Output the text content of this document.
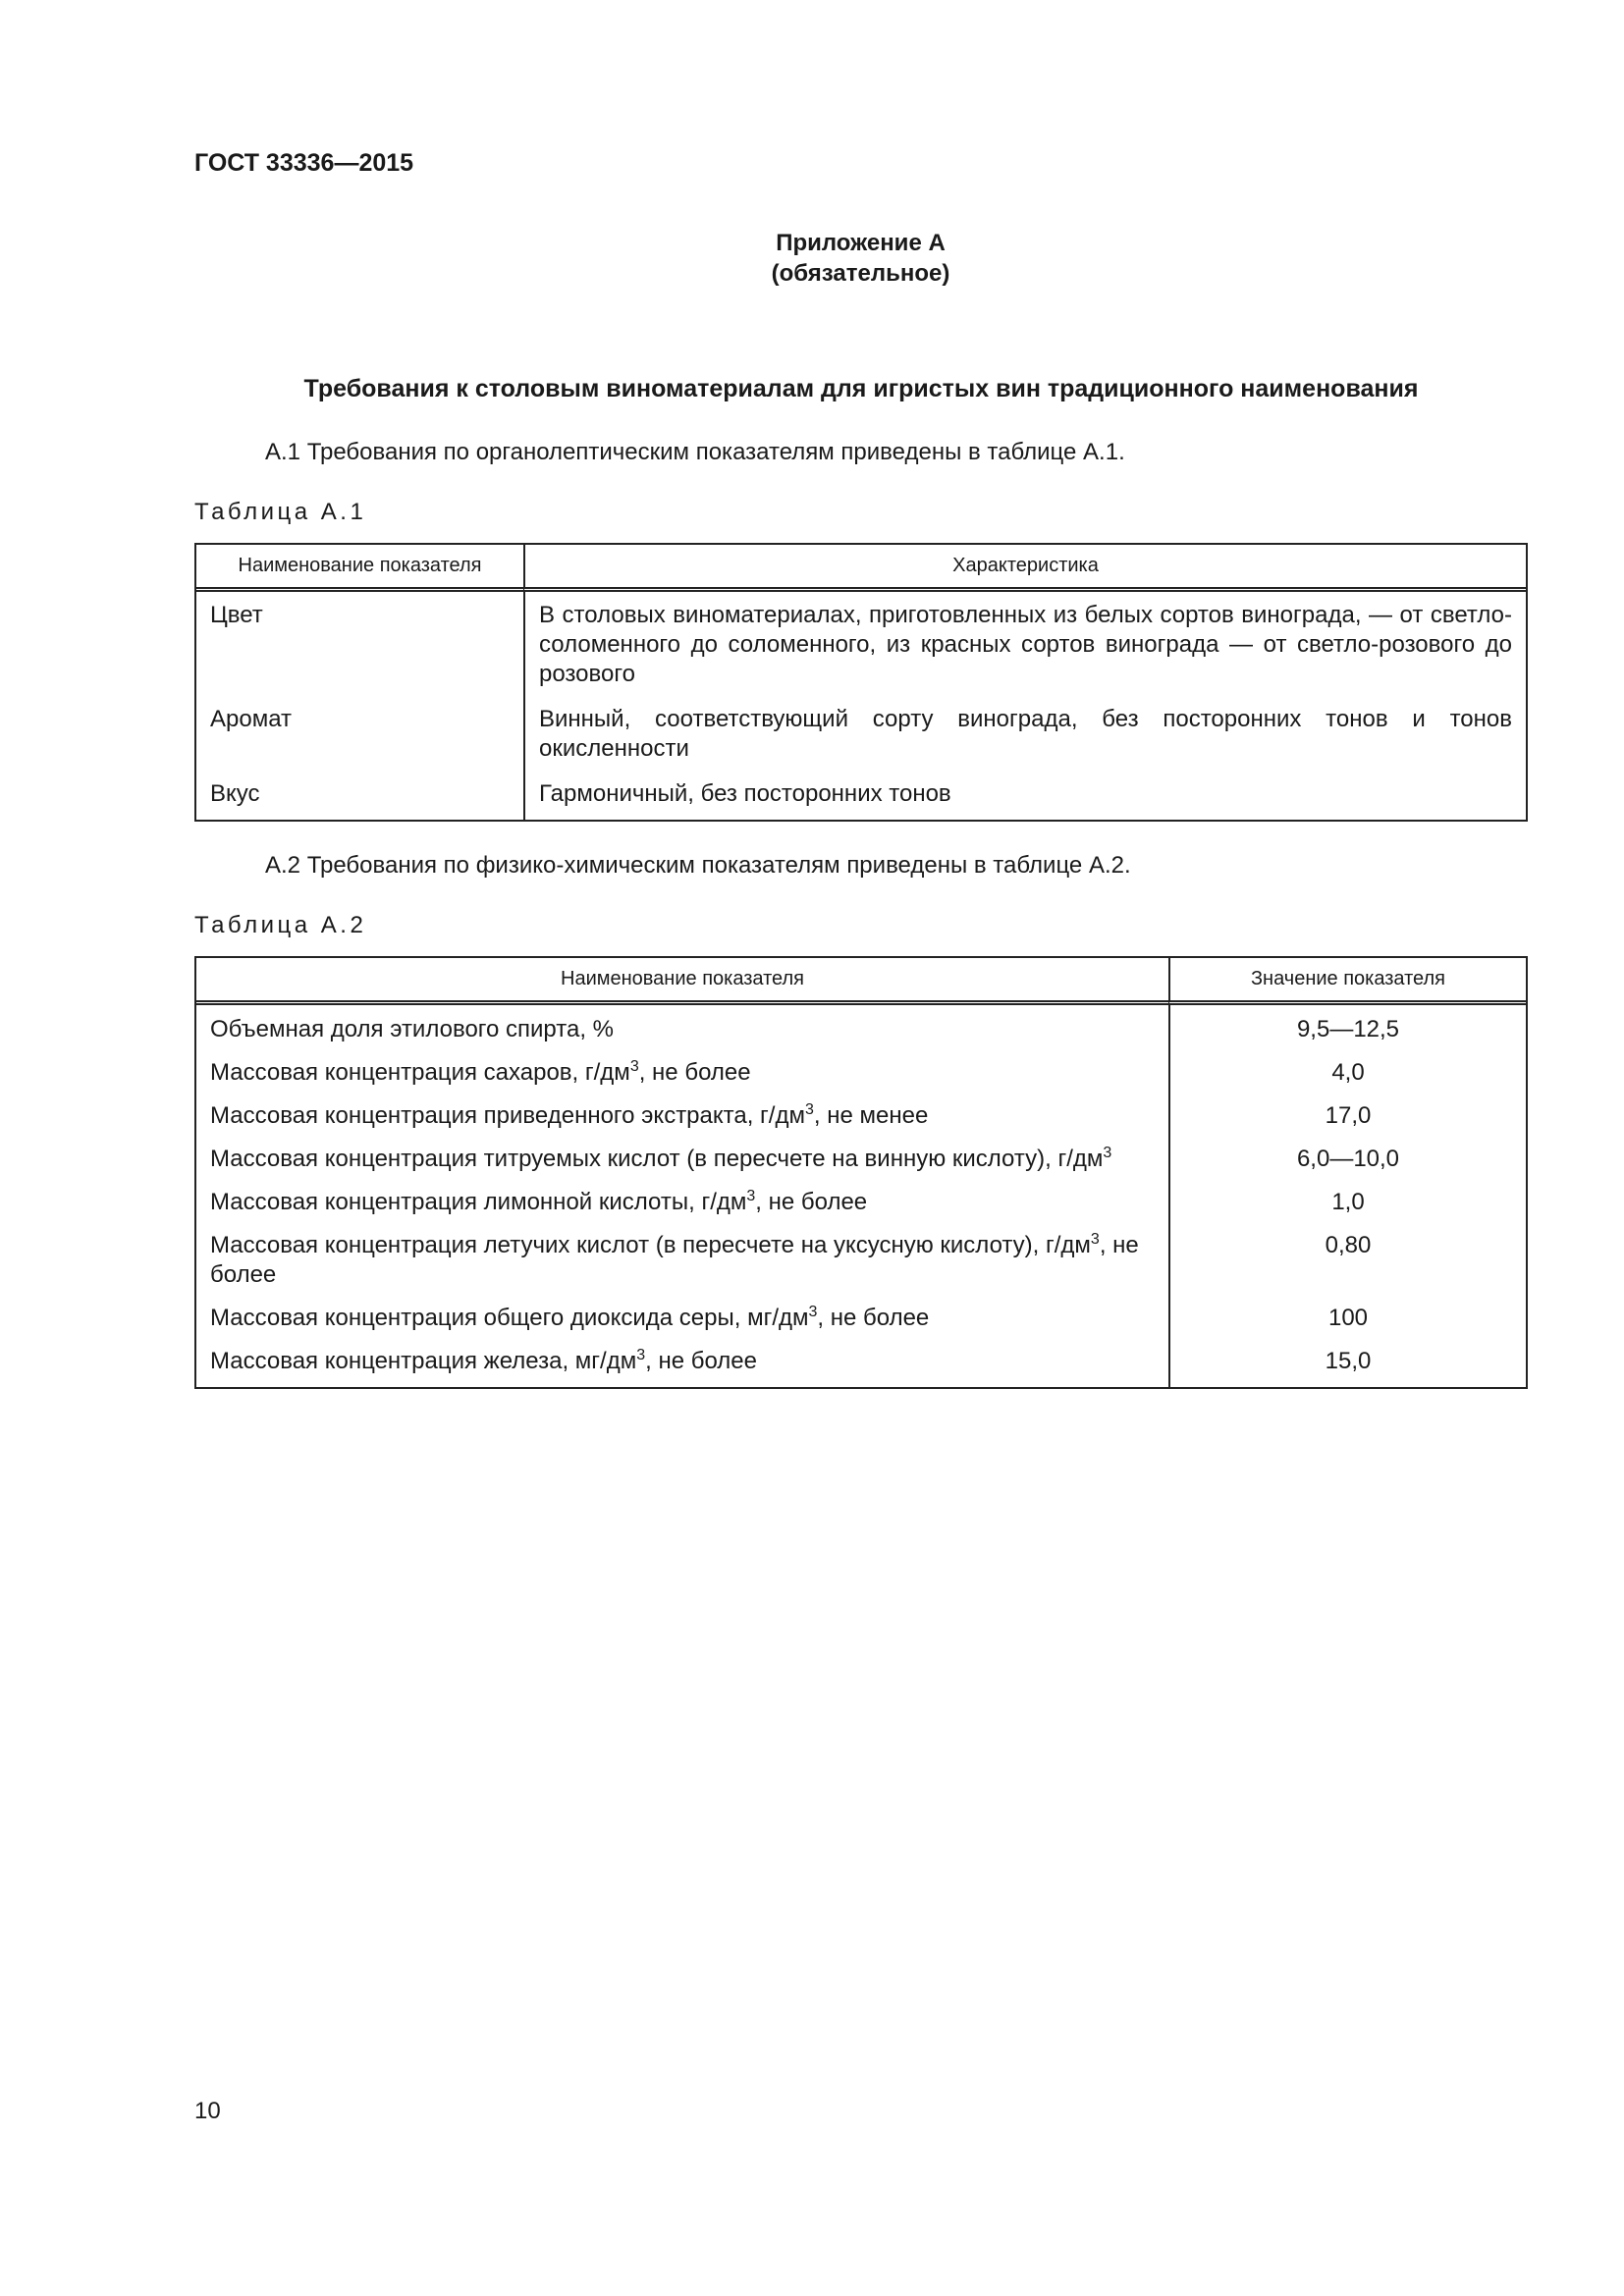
ГОСТ 33336—2015
Приложение А
(обязательное)
Требования к столовым виноматериалам для игристых вин традиционного наименования
А.1 Требования по органолептическим показателям приведены в таблице А.1.
Таблица А.1
Наименование показателя	Характеристика
Цвет	В столовых виноматериалах, приготовленных из белых сортов винограда, — от светло-соломенного до соломенного, из красных сортов винограда — от светло-розового до розового
Аромат	Винный, соответствующий сорту винограда, без посторонних тонов и тонов окисленности
Вкус	Гармоничный, без посторонних тонов
А.2 Требования по физико-химическим показателям приведены в таблице А.2.
Таблица А.2
Наименование показателя	Значение показателя
Объемная доля этилового спирта, %	9,5—12,5
Массовая концентрация сахаров, $г/дм^3$, не более	4,0
Массовая концентрация приведенного экстракта, $г/дм^3$, не менее	17,0
Массовая концентрация титруемых кислот (в пересчете на винную кислоту), $г/дм^3$	6,0—10,0
Массовая концентрация лимонной кислоты, $г/дм^3$, не более	1,0
Массовая концентрация летучих кислот (в пересчете на уксусную кислоту), $г/дм^3$, не более	0,80
Массовая концентрация общего диоксида серы, $мг/дм^3$, не более	100
Массовая концентрация железа, $мг/дм^3$, не более	15,0
10
